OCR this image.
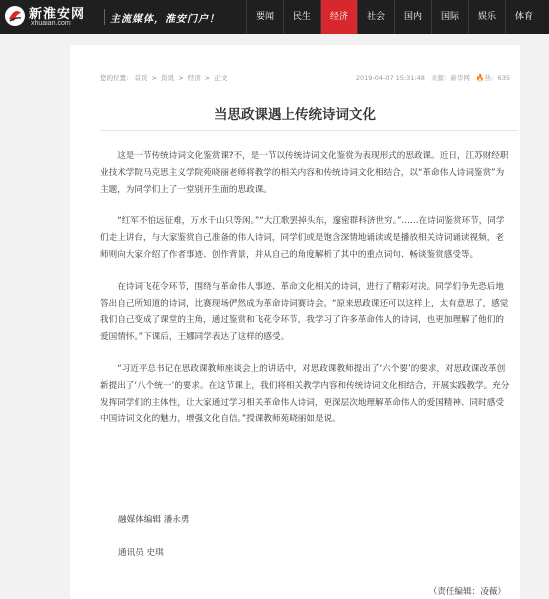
新淮安网
xhuaian.com	主流媒体，淮安门户！	要闻	民生	经济	社会	国内	国际	娱乐	体育
您的位置： 首页 > 资讯 > 经济 > 正文	2019-04-07 15:31:48 来源：新华网 🔥热：635
当思政课遇上传统诗词文化

这是一节传统诗词文化鉴赏课?不，是一节以传统诗词文化鉴赏为表现形式的思政课。近日，江苏财经职业技术学院马克思主义学院苑晓丽老师将教学的相关内容和传统诗词文化相结合，以“革命伟人诗词鉴赏”为主题，为同学们上了一堂别开生面的思政课。

“红军不怕远征难，万水千山只等闲。”“大江歌罢掉头东，邃密群科济世穷。”……在诗词鉴赏环节，同学们走上讲台，与大家鉴赏自己准备的伟人诗词，同学们或是饱含深情地诵读或是播放相关诗词诵读视频，老师则向大家介绍了作者事迹、创作背景，并从自己的角度解析了其中的重点词句、畅谈鉴赏感受等。

在诗词飞花令环节，围绕与革命伟人事迹、革命文化相关的诗词，进行了精彩对决。同学们争先恐后地答出自己所知道的诗词，比赛现场俨然成为革命诗词赛诗会。“原来思政课还可以这样上，太有意思了，感觉我们自己变成了课堂的主角，通过鉴赏和飞花令环节，我学习了许多革命伟人的诗词，也更加理解了他们的爱国情怀。”下课后，王娜同学表达了这样的感受。

“习近平总书记在思政课教师座谈会上的讲话中，对思政课教师提出了‘六个要’的要求，对思政课改革创新提出了‘八个统一’的要求。在这节课上，我们将相关教学内容和传统诗词文化相结合，开展实践教学。充分发挥同学们的主体性，让大家通过学习相关革命伟人诗词，更深层次地理解革命伟人的爱国精神、同时感受中国诗词文化的魅力，增强文化自信。”授课教师苑晓丽如是说。

融媒体编辑 潘永勇
通讯员 史琪
（责任编辑：凌薇）
